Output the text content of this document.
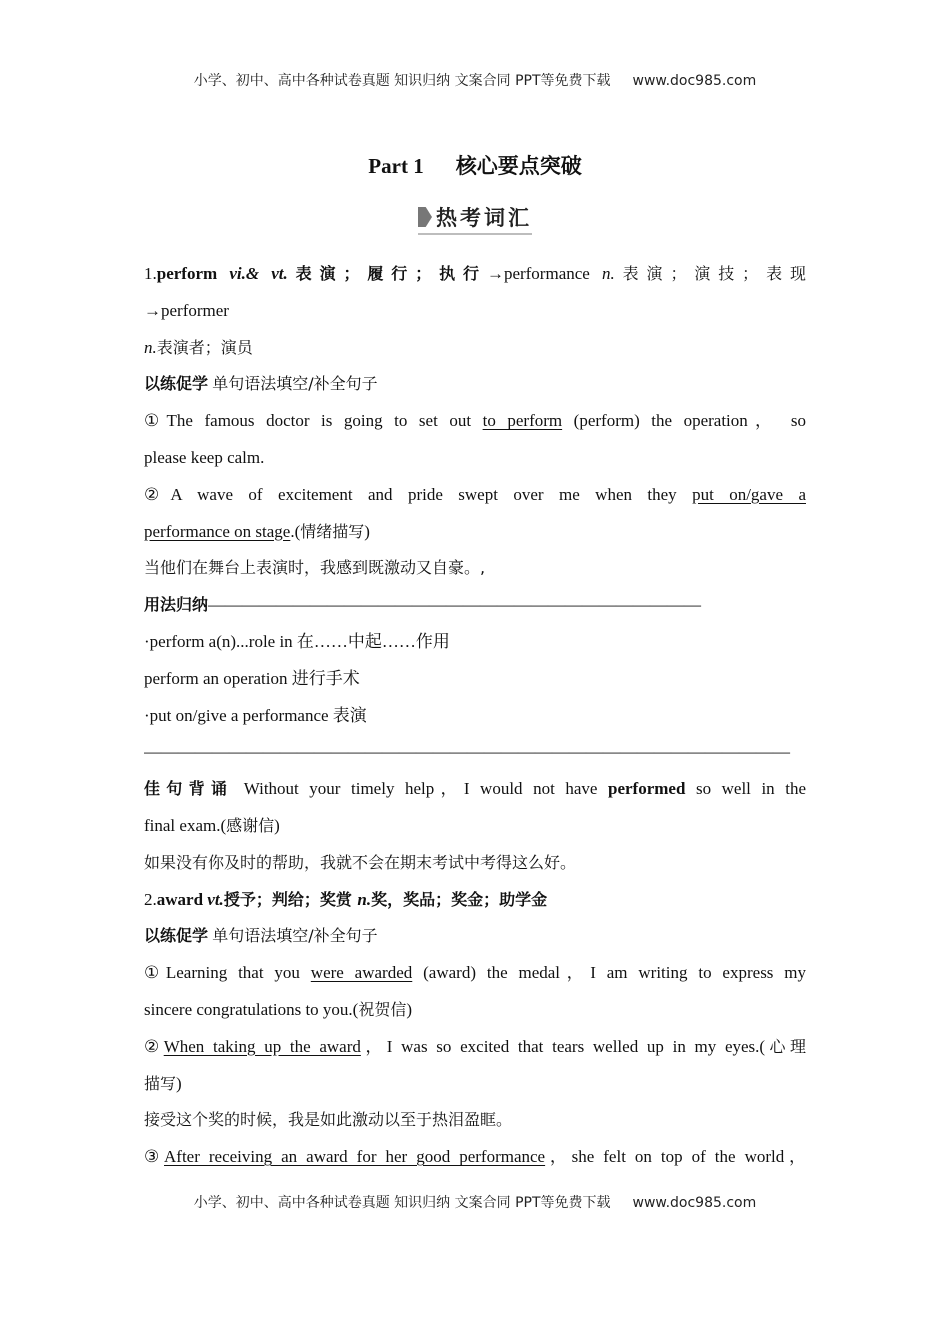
小学、初中、高中各种试卷真题 知识归纳 文案合同 PPT等免费下载 www.doc985.com
Part 1 核心要点突破
热考词汇
1.perform vi.& vt.表演；履行；执行→performance n.表演；演技；表现
→performer
n.表演者；演员
以练促学 单句语法填空/补全句子
①The famous doctor is going to set out to perform (perform) the operation， so
please keep calm.
②A wave of excitement and pride swept over me when they put on/gave a
performance on stage.(情绪描写)
当他们在舞台上表演时，我感到既激动又自豪。,
用法归纳—————————————————————————————
·perform a(n)...role in 在……中起……作用
perform an operation 进行手术
·put on/give a performance 表演
——————————————————————————————————————
佳句背诵 Without your timely help，I would not have performed so well in the
final exam.(感谢信)
如果没有你及时的帮助，我就不会在期末考试中考得这么好。
2.award vt.授予；判给；奖赏 n.奖，奖品；奖金；助学金
以练促学 单句语法填空/补全句子
①Learning that you were awarded (award) the medal，I am writing to express my
sincere congratulations to you.(祝贺信)
②When taking up the award，I was so excited that tears welled up in my eyes.(心理
描写)
接受这个奖的时候，我是如此激动以至于热泪盈眶。
③After receiving an award for her good performance，she felt on top of the world，
小学、初中、高中各种试卷真题 知识归纳 文案合同 PPT等免费下载 www.doc985.com
